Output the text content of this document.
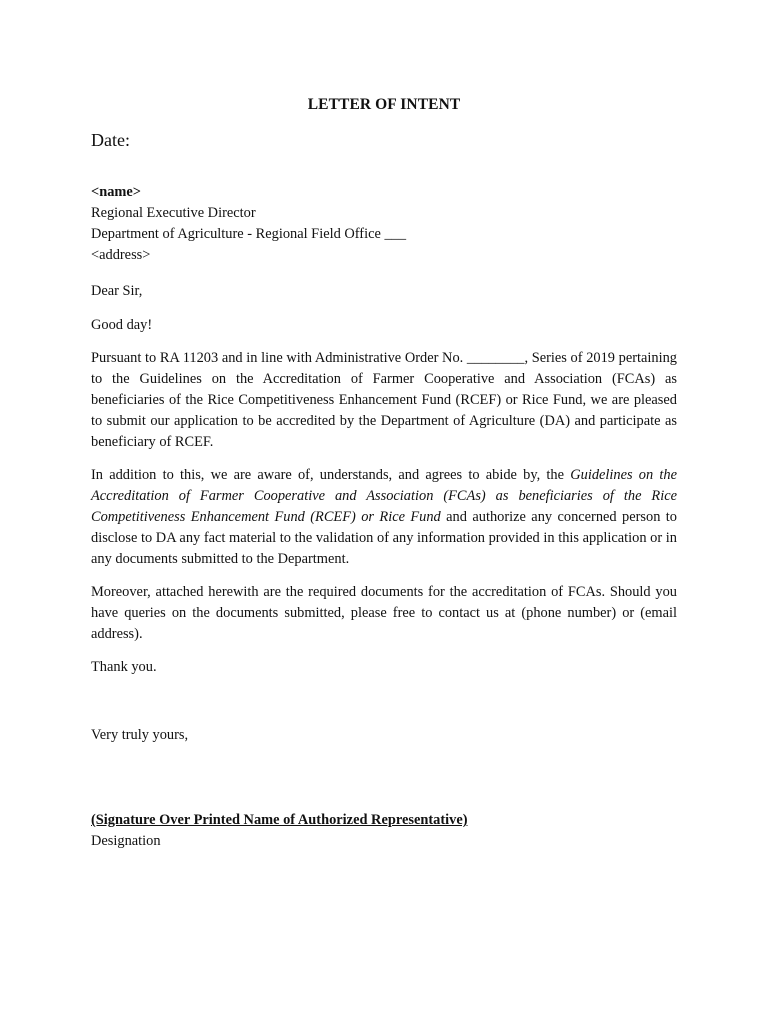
LETTER OF INTENT
Date:
<name>
Regional Executive Director
Department of Agriculture - Regional Field Office ___
<address>

Dear Sir,

Good day!

Pursuant to RA 11203 and in line with Administrative Order No. ________, Series of 2019 pertaining to the Guidelines on the Accreditation of Farmer Cooperative and Association (FCAs) as beneficiaries of the Rice Competitiveness Enhancement Fund (RCEF) or Rice Fund, we are pleased to submit our application to be accredited by the Department of Agriculture (DA) and participate as beneficiary of RCEF.

In addition to this, we are aware of, understands, and agrees to abide by, the Guidelines on the Accreditation of Farmer Cooperative and Association (FCAs) as beneficiaries of the Rice Competitiveness Enhancement Fund (RCEF) or Rice Fund and authorize any concerned person to disclose to DA any fact material to the validation of any information provided in this application or in any documents submitted to the Department.

Moreover, attached herewith are the required documents for the accreditation of FCAs. Should you have queries on the documents submitted, please free to contact us at (phone number) or (email address).

Thank you.

Very truly yours,

(Signature Over Printed Name of Authorized Representative)
Designation
